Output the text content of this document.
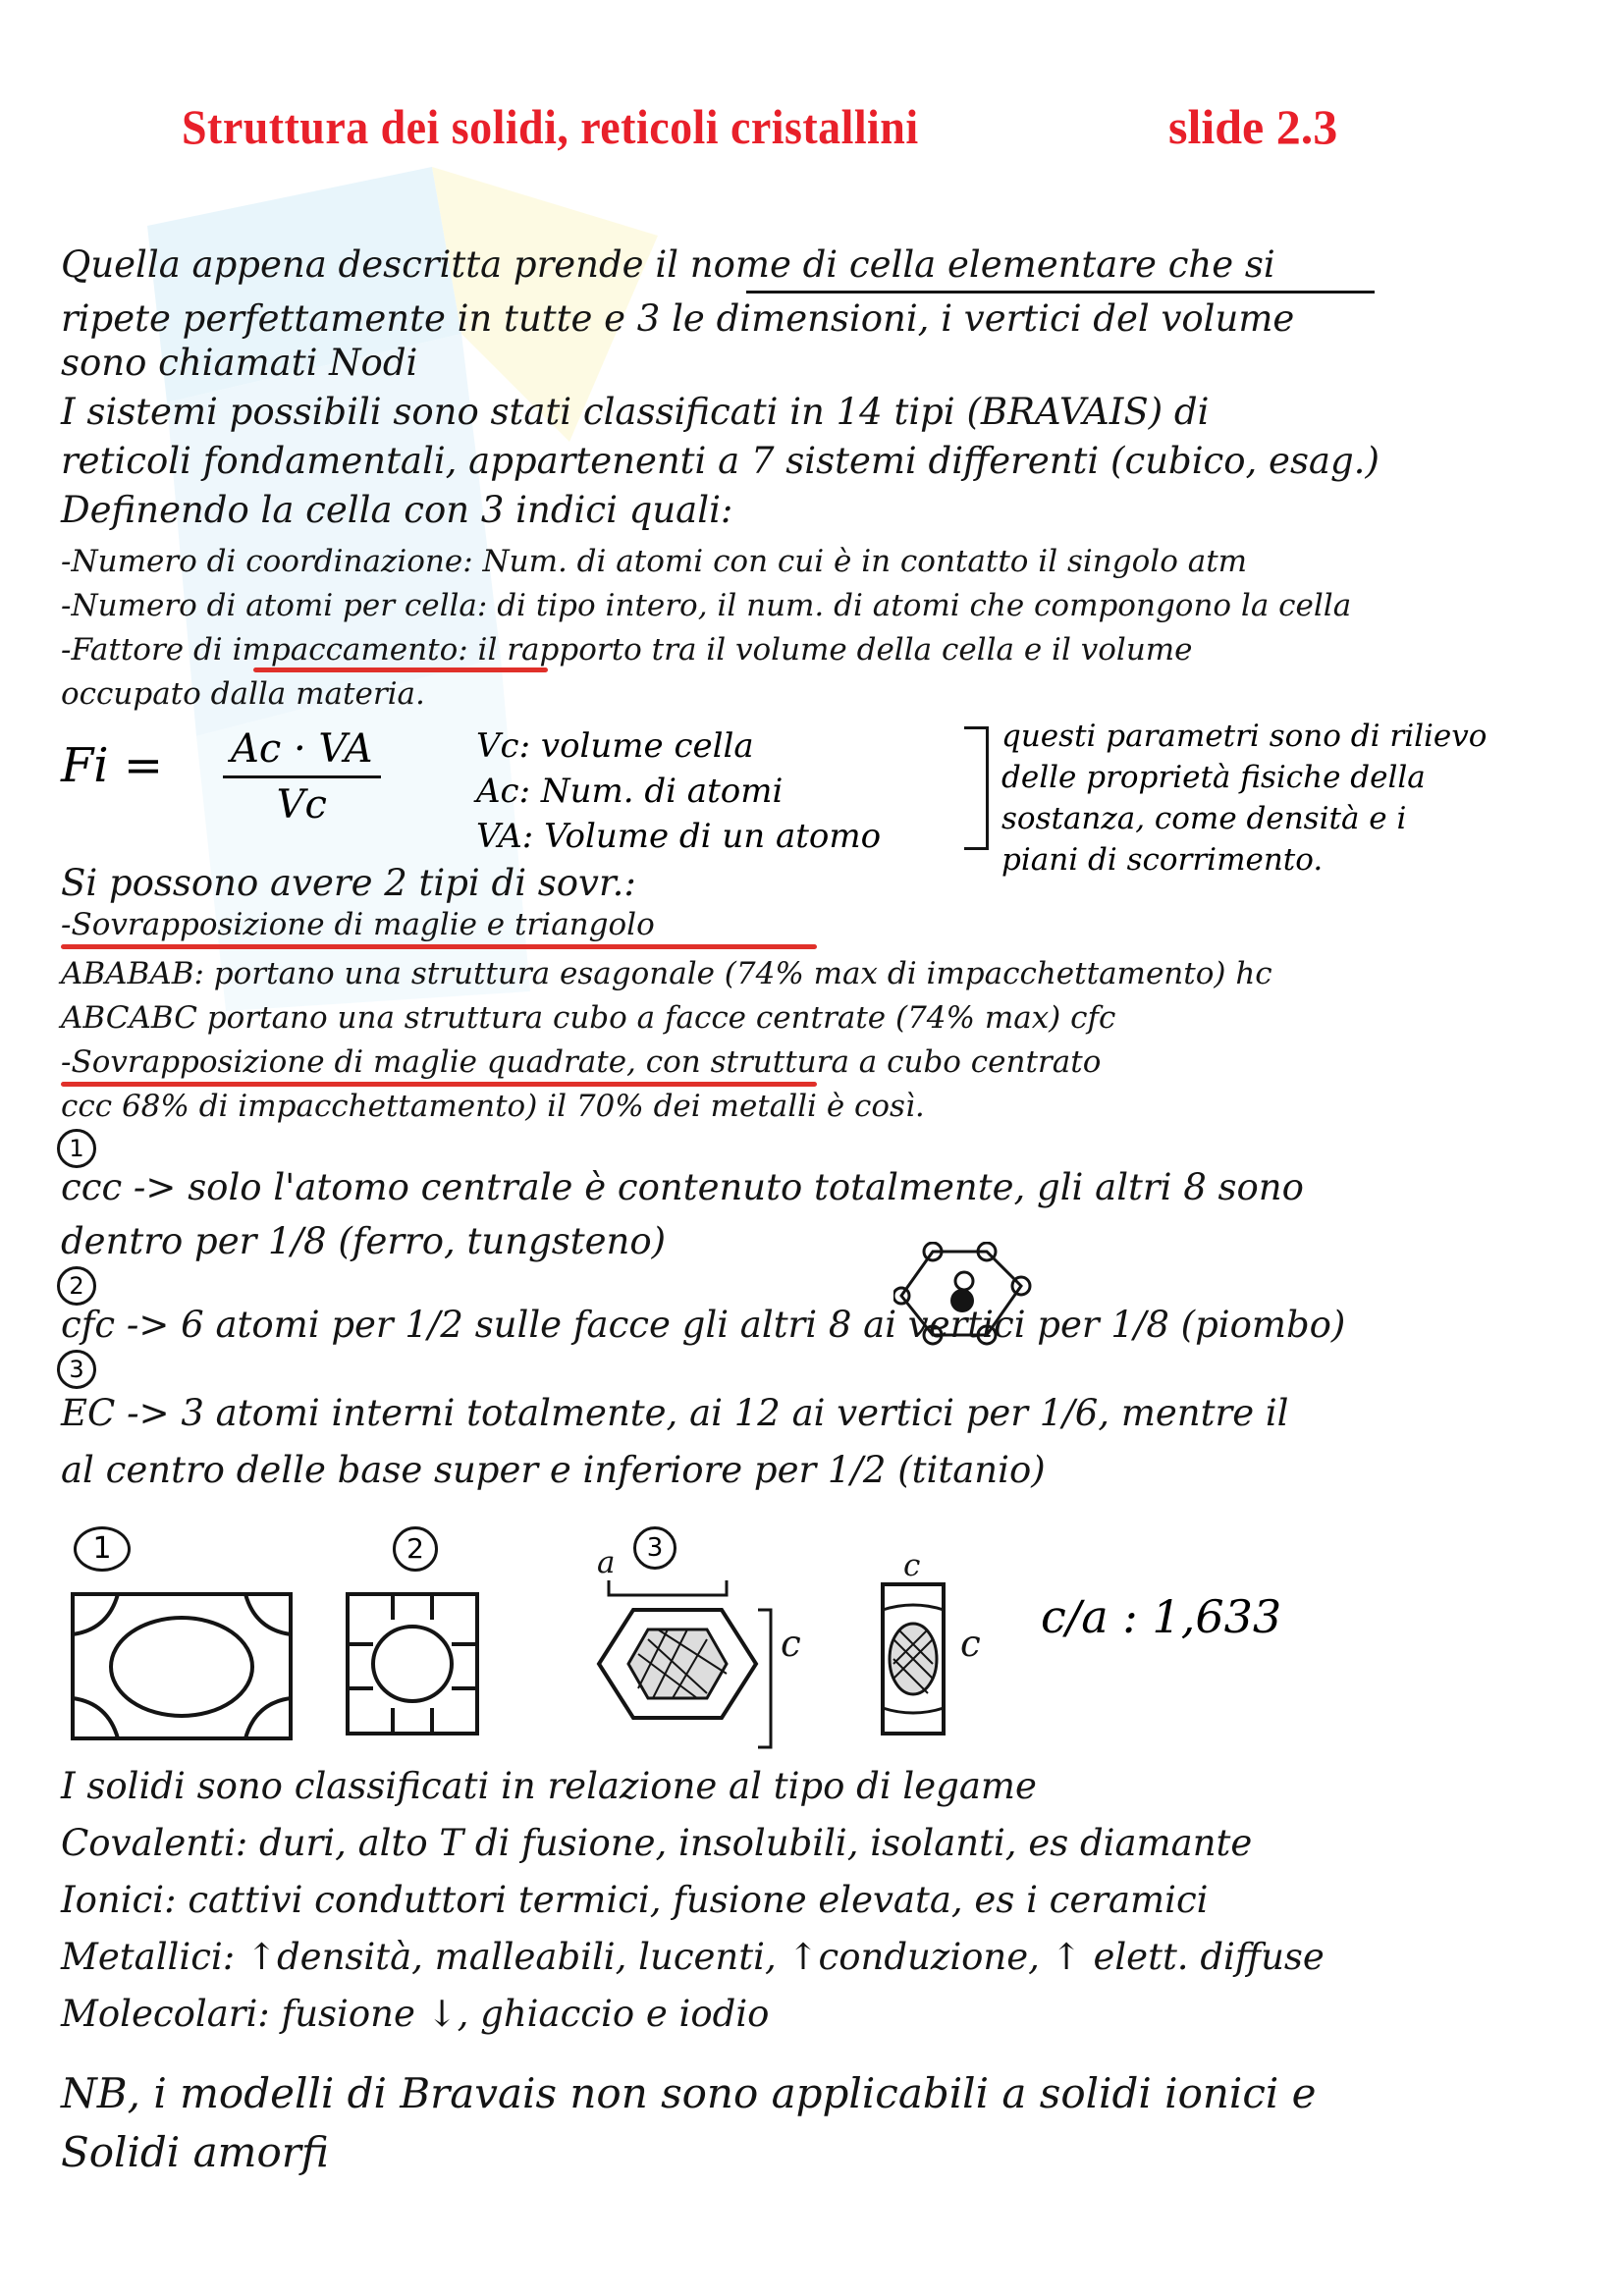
Struttura dei solidi, reticoli cristallini	slide 2.3
Quella appena descritta prende il nome di cella elementare che si
ripete perfettamente in tutte e 3 le dimensioni, i vertici del volume
sono chiamati Nodi
I sistemi possibili sono stati classificati in 14 tipi (BRAVAIS) di
reticoli fondamentali, appartenenti a 7 sistemi differenti (cubico, esag.)
Definendo la cella con 3 indici quali:
-Numero di coordinazione: Num. di atomi con cui è in contatto il singolo atm
-Numero di atomi per cella: di tipo intero, il num. di atomi che compongono la cella
-Fattore di impaccamento: il rapporto tra il volume della cella e il volume
occupato dalla materia.
$Fi = \frac{Ac \cdot VA}{Vc}$	Vc: volume cella
Ac: Num. di atomi
VA: Volume di un atomo
questi parametri sono di rilievo
delle proprietà fisiche della
sostanza, come densità e i
piani di scorrimento.
Si possono avere 2 tipi di sovr.:
-Sovrapposizione di maglie e triangolo
ABABAB: portano una struttura esagonale (74% max di impacchettamento) hc
ABCABC portano una struttura cubo a facce centrate (74% max) cfc
-Sovrapposizione di maglie quadrate, con struttura a cubo centrato
ccc 68% di impacchettamento) il 70% dei metalli è così.
1
ccc -> solo l'atomo centrale è contenuto totalmente, gli altri 8 sono
dentro per 1/8 (ferro, tungsteno)
2
cfc -> 6 atomi per 1/2 sulle facce gli altri 8 ai vertici per 1/8 (piombo)
3
EC -> 3 atomi interni totalmente, ai 12 ai vertici per 1/6, mentre il
al centro delle base super e inferiore per 1/2 (titanio)
1	2	3
a
c
c
c
c/a : 1,633
I solidi sono classificati in relazione al tipo di legame
Covalenti: duri, alto T di fusione, insolubili, isolanti, es diamante
Ionici: cattivi conduttori termici, fusione elevata, es i ceramici
Metallici: ↑densità, malleabili, lucenti, ↑conduzione, ↑ elett. diffuse
Molecolari: fusione ↓, ghiaccio e iodio
NB, i modelli di Bravais non sono applicabili a solidi ionici e
Solidi amorfi
